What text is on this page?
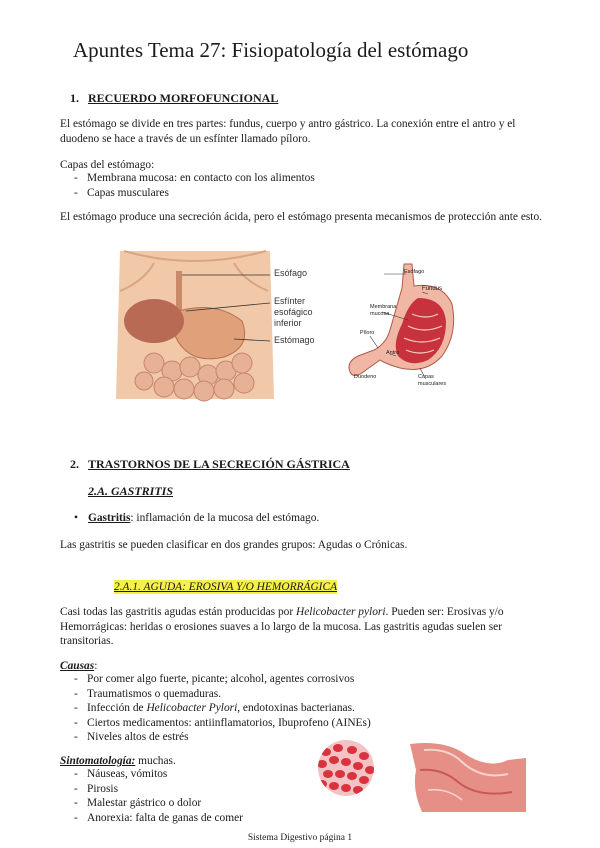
Apuntes Tema 27: Fisiopatología del estómago
1. RECUERDO MORFOFUNCIONAL
El estómago se divide en tres partes: fundus, cuerpo y antro gástrico. La conexión entre el antro y el duodeno se hace a través de un esfínter llamado píloro.
Capas del estómago:
- Membrana mucosa: en contacto con los alimentos
- Capas musculares
El estómago produce una secreción ácida, pero el estómago presenta mecanismos de protección ante esto.
Esófago
Esfínter
esofágico
inferior
Estómago
Esófago
Fundus
Membrana
mucosa
Píloro
Antro
Duodeno	Capas
musculares
2. TRASTORNOS DE LA SECRECIÓN GÁSTRICA
2.A. GASTRITIS
• Gastritis: inflamación de la mucosa del estómago.
Las gastritis se pueden clasificar en dos grandes grupos: Agudas o Crónicas.
2.A.1. AGUDA: EROSIVA Y/O HEMORRÁGICA
Casi todas las gastritis agudas están producidas por Helicobacter pylori. Pueden ser: Erosivas y/o Hemorrágicas: heridas o erosiones suaves a lo largo de la mucosa. Las gastritis agudas suelen ser transitorias.
Causas:
- Por comer algo fuerte, picante; alcohol, agentes corrosivos
- Traumatismos o quemaduras.
- Infección de Helicobacter Pylori, endotoxinas bacterianas.
- Ciertos medicamentos: antiinflamatorios, Ibuprofeno (AINEs)
- Niveles altos de estrés
Sintomatología: muchas.
- Náuseas, vómitos
- Pirosis
- Malestar gástrico o dolor
- Anorexia: falta de ganas de comer
Sistema Digestivo página 1
